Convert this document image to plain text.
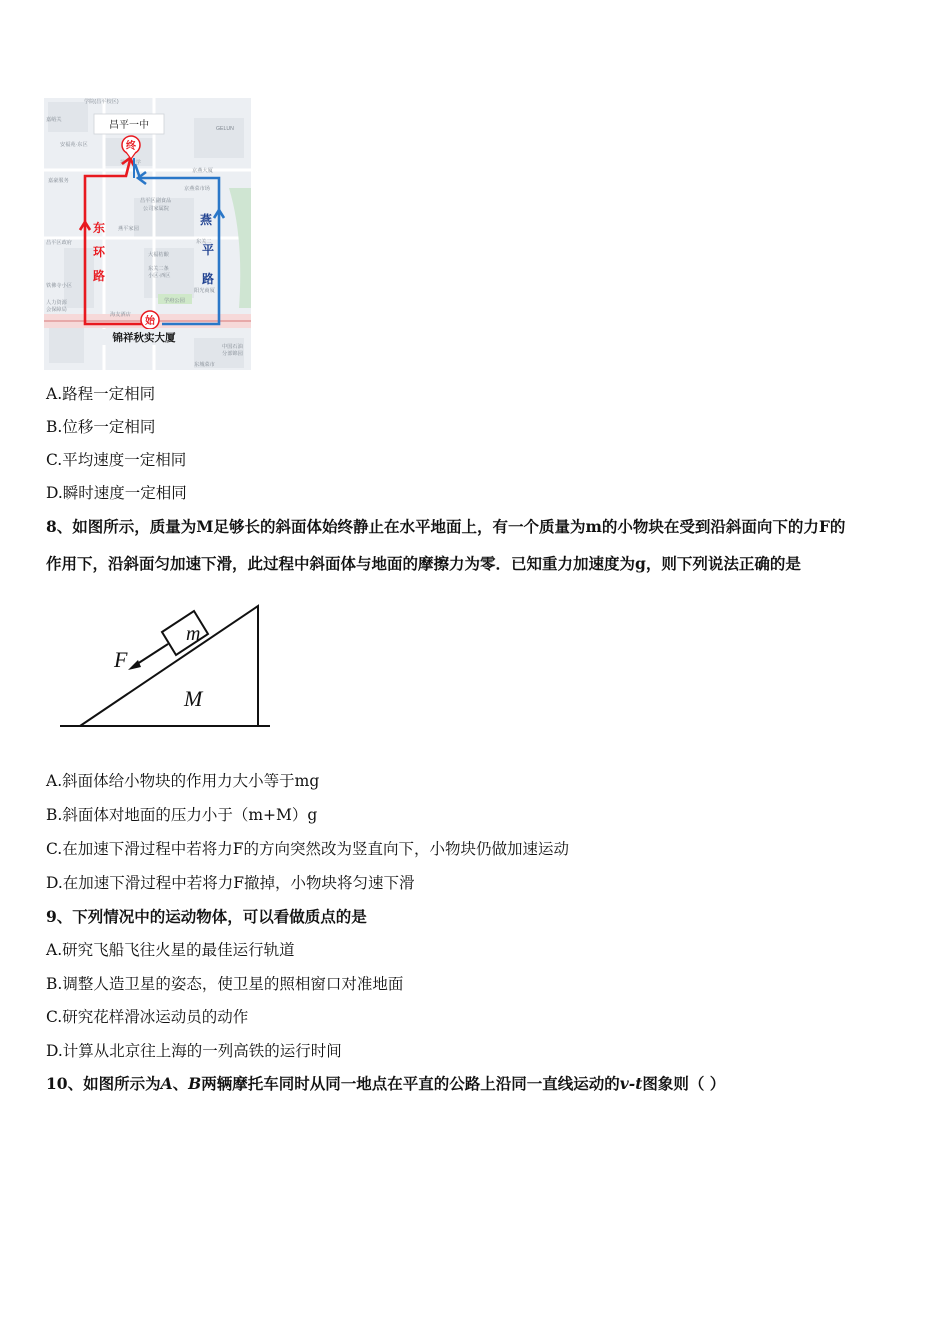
学院(昌平校区)
嘉峪关
GELUN
安福苑·东区
第一中学
京燕大厦
嘉豪服务
京燕菜市场
昌平区副食品
公司家属院
燕平家园
大福桔酿
东关二条
小区·西区
阳光商厦
东关二
学府公园
海友酒店
昌平区政府
人力资源
会保障局
铁佛寺小区
中国石油
分部锦园
东城菜市
昌平一中
终
始
东
环
路
燕
平
路
锦祥秋实大厦
A.路程一定相同
B.位移一定相同
C.平均速度一定相同
D.瞬时速度一定相同
8、如图所示，质量为M足够长的斜面体始终静止在水平地面上，有一个质量为m的小物块在受到沿斜面向下的力F的
作用下，沿斜面匀加速下滑，此过程中斜面体与地面的摩擦力为零．已知重力加速度为g，则下列说法正确的是
m
F
M
A.斜面体给小物块的作用力大小等于mg
B.斜面体对地面的压力小于（m+M）g
C.在加速下滑过程中若将力F的方向突然改为竖直向下，小物块仍做加速运动
D.在加速下滑过程中若将力F撤掉，小物块将匀速下滑
9、下列情况中的运动物体，可以看做质点的是
A.研究飞船飞往火星的最佳运行轨道
B.调整人造卫星的姿态，使卫星的照相窗口对准地面
C.研究花样滑冰运动员的动作
D.计算从北京往上海的一列高铁的运行时间
10、如图所示为A、B两辆摩托车同时从同一地点在平直的公路上沿同一直线运动的v-t图象则（ ）
